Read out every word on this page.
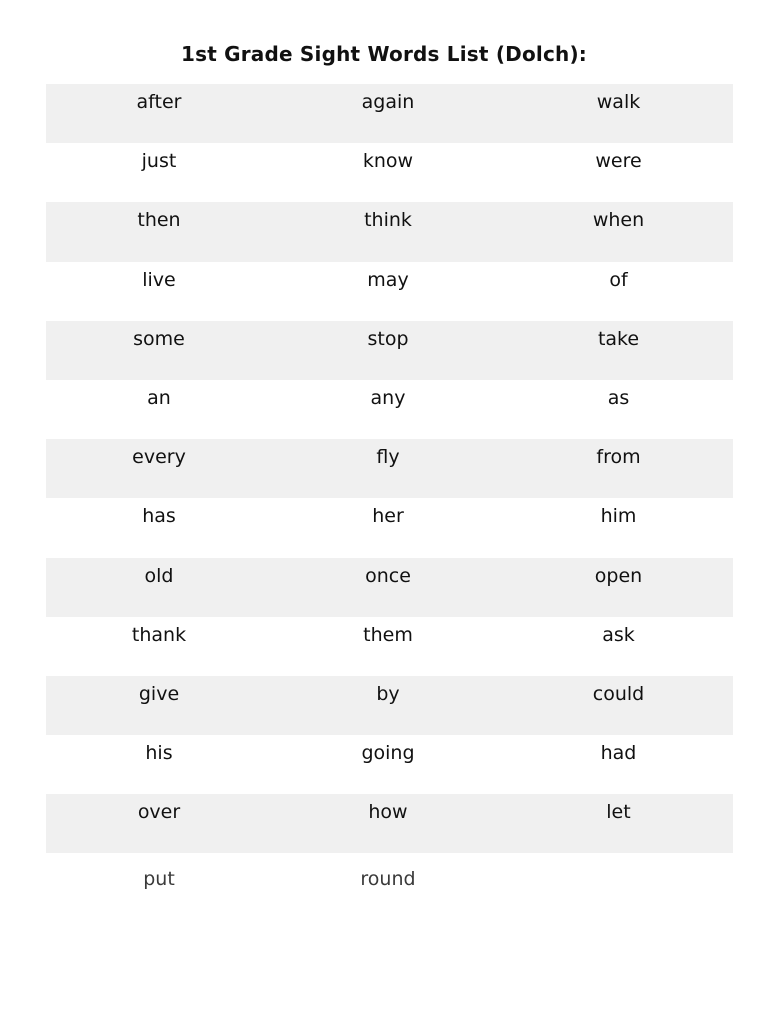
1st Grade Sight Words List (Dolch):
after	again	walk
just	know	were
then	think	when
live	may	of
some	stop	take
an	any	as
every	fly	from
has	her	him
old	once	open
thank	them	ask
give	by	could
his	going	had
over	how	let
put	round	
